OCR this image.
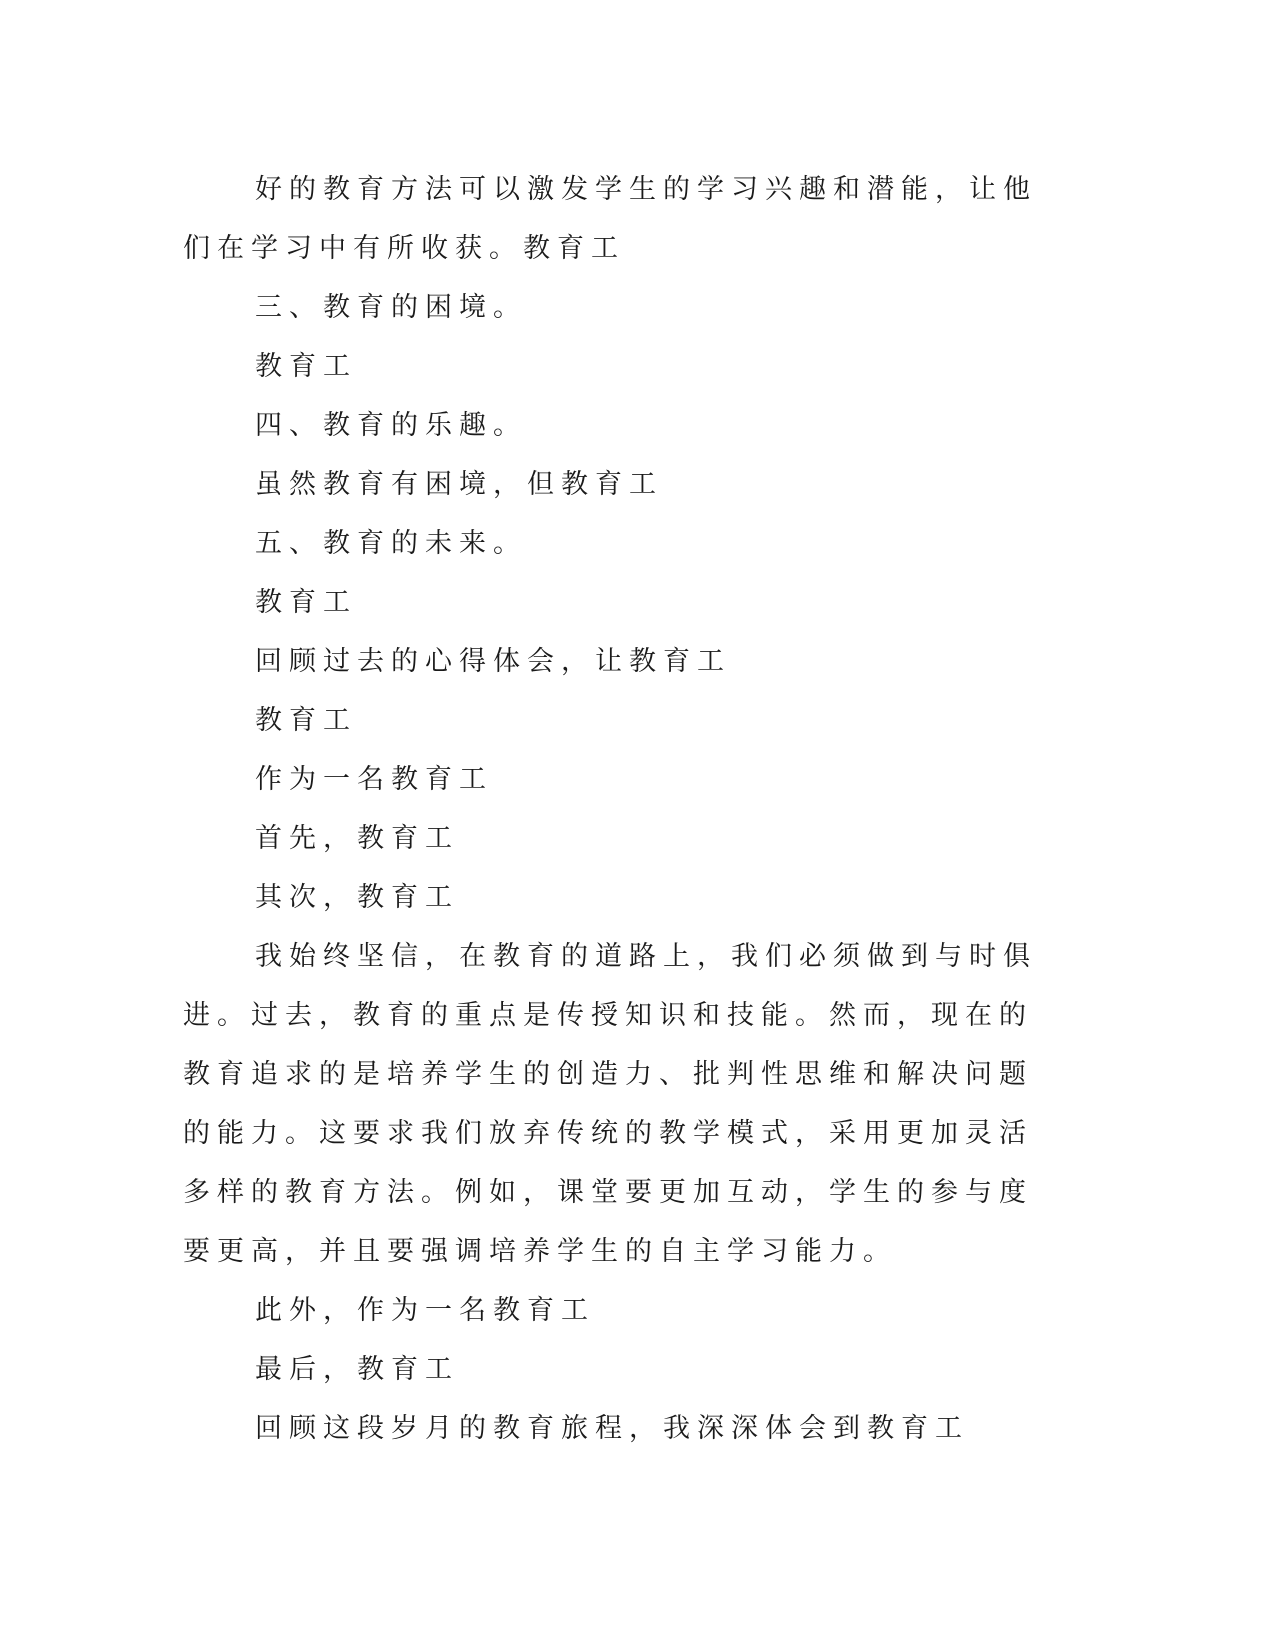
好的教育方法可以激发学生的学习兴趣和潜能，让他们在学习中有所收获。教育工

三、教育的困境。

教育工

四、教育的乐趣。

虽然教育有困境，但教育工

五、教育的未来。

教育工

回顾过去的心得体会，让教育工

教育工

作为一名教育工

首先，教育工

其次，教育工

我始终坚信，在教育的道路上，我们必须做到与时俱进。过去，教育的重点是传授知识和技能。然而，现在的教育追求的是培养学生的创造力、批判性思维和解决问题的能力。这要求我们放弃传统的教学模式，采用更加灵活多样的教育方法。例如，课堂要更加互动，学生的参与度要更高，并且要强调培养学生的自主学习能力。

此外，作为一名教育工

最后，教育工

回顾这段岁月的教育旅程，我深深体会到教育工
